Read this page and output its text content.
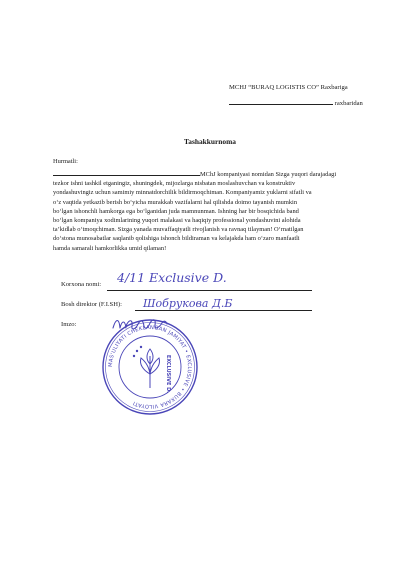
MCHJ “BURAQ LOGISTIS CO” Raxbariga
raxbaridan
Tashakkurnoma
Hurmatli:

MChJ kompaniyasi nomidan Sizga yuqori darajadagi

tezkor ishni tashkil etganingiz, shuningdek, mijozlarga nisbatan moslashuvchan va konstruktiv

yondashuvingiz uchun samimiy minnatdorchilik bildirmoqchiman. Kompaniyamiz yuklarni sifatli va

o‘z vaqtida yetkazib berish bo‘yicha murakkab vazifalarni hal qilishda doimo tayanish mumkin

bo‘lgan ishonchli hamkorga ega bo‘lganidan juda mamnunman. Ishning har bir bosqichida band

bo‘lgan kompaniya xodimlarining yuqori malakasi va haqiqiy professional yondashuvini alohida

ta’kidlab o‘tmoqchiman. Sizga yanada muvaffaqiyatli rivojlanish va ravnaq tilayman! O‘rnatilgan

do‘stona munosabatlar saqlanib qolishiga ishonch bildiraman va kelajakda ham o‘zaro manfaatli

hamda samarali hamkorlikka umid qilaman!

Korxona nomi: 4/11 Exclusive D.
Bosh direktor (F.I.SH): Шобрукова Д.Б
Imzo:
MAS'ULIYATI CHEKLANGAN JAMIYAT • EXCLUSIVE • BUXARA VILOYATI
EXCLUSIVE D.
